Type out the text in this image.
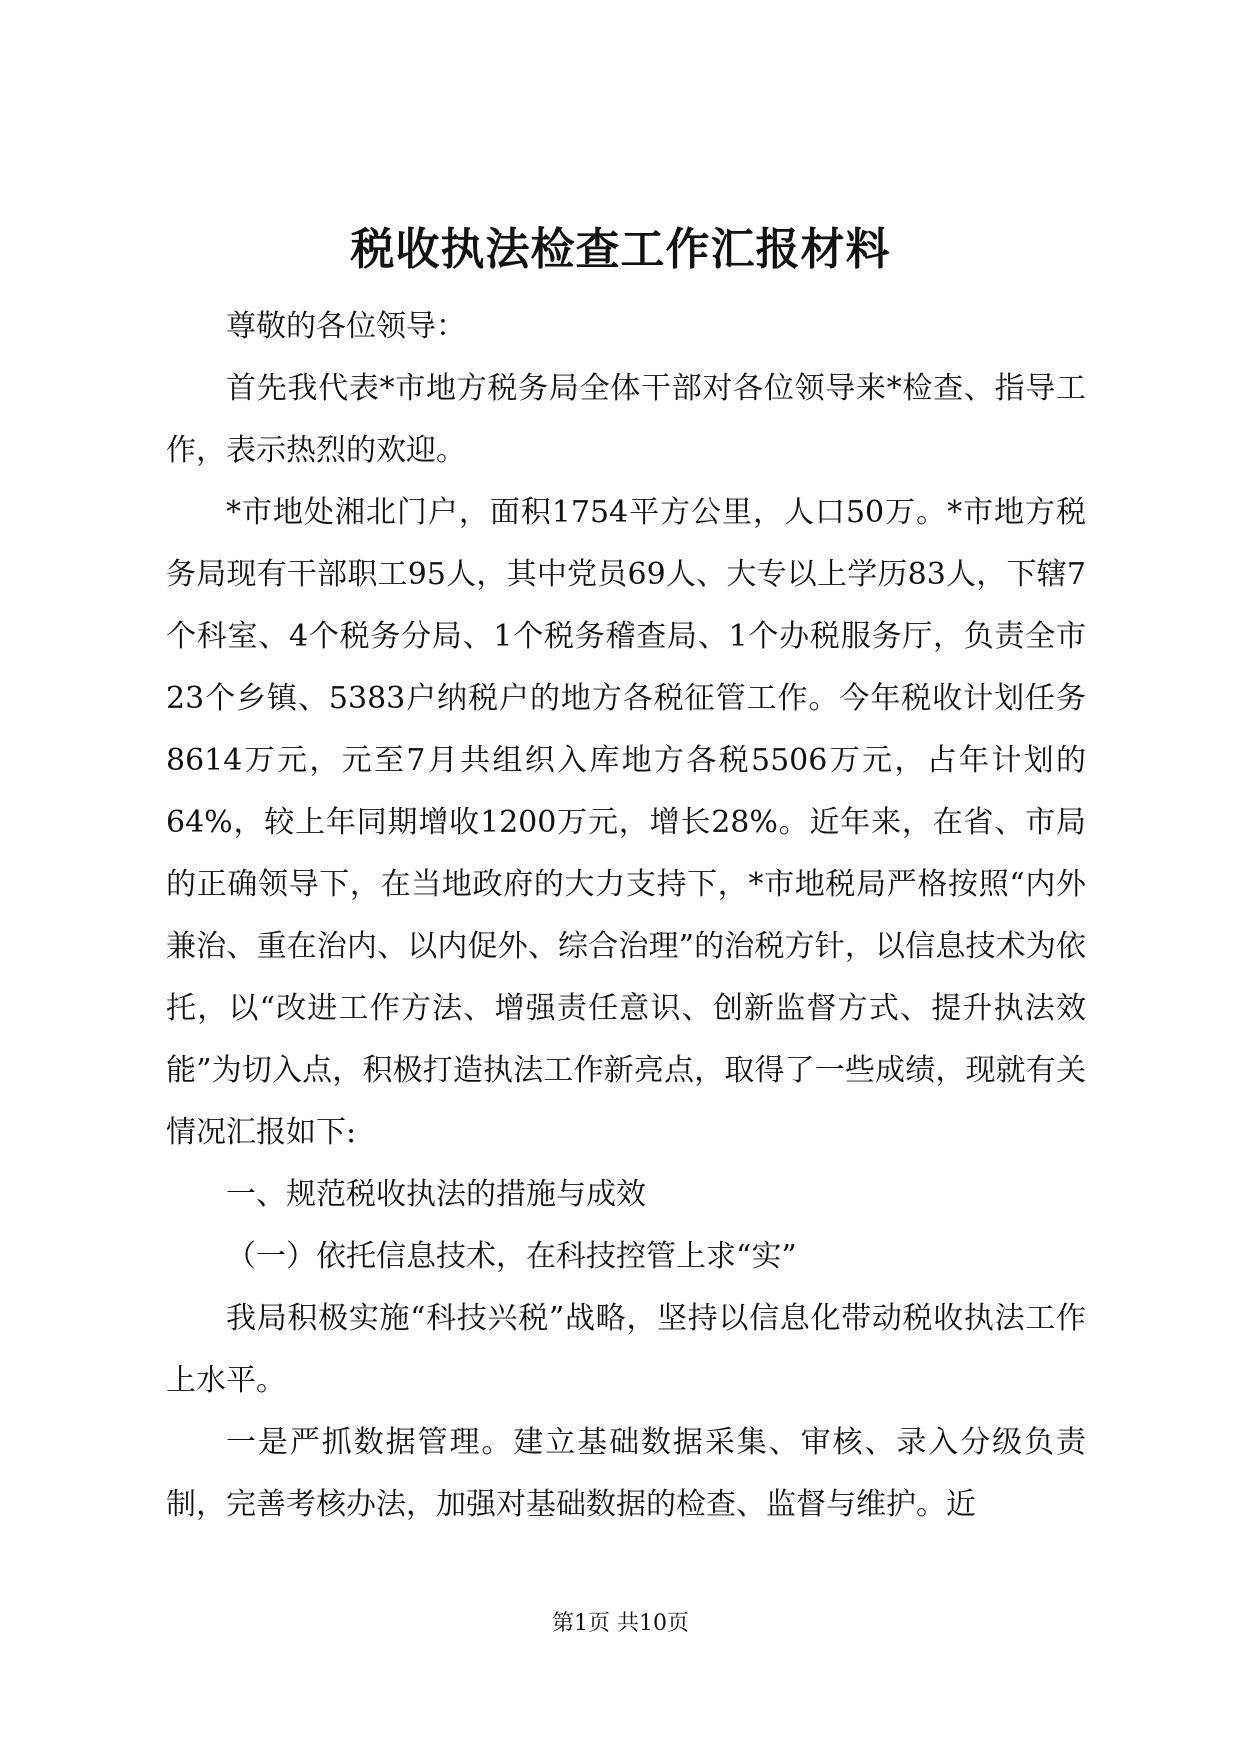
税收执法检查工作汇报材料

尊敬的各位领导：

首先我代表*市地方税务局全体干部对各位领导来*检查、指导工作，表示热烈的欢迎。

*市地处湘北门户，面积1754平方公里，人口50万。*市地方税务局现有干部职工95人，其中党员69人、大专以上学历83人，下辖7个科室、4个税务分局、1个税务稽查局、1个办税服务厅，负责全市23个乡镇、5383户纳税户的地方各税征管工作。今年税收计划任务8614万元，元至7月共组织入库地方各税5506万元，占年计划的64%，较上年同期增收1200万元，增长28%。近年来，在省、市局的正确领导下，在当地政府的大力支持下，*市地税局严格按照“内外兼治、重在治内、以内促外、综合治理”的治税方针，以信息技术为依托，以“改进工作方法、增强责任意识、创新监督方式、提升执法效能”为切入点，积极打造执法工作新亮点，取得了一些成绩，现就有关情况汇报如下:

一、规范税收执法的措施与成效

（一）依托信息技术，在科技控管上求“实”

我局积极实施“科技兴税”战略，坚持以信息化带动税收执法工作上水平。

一是严抓数据管理。建立基础数据采集、审核、录入分级负责制，完善考核办法，加强对基础数据的检查、监督与维护。近

第1页 共10页
